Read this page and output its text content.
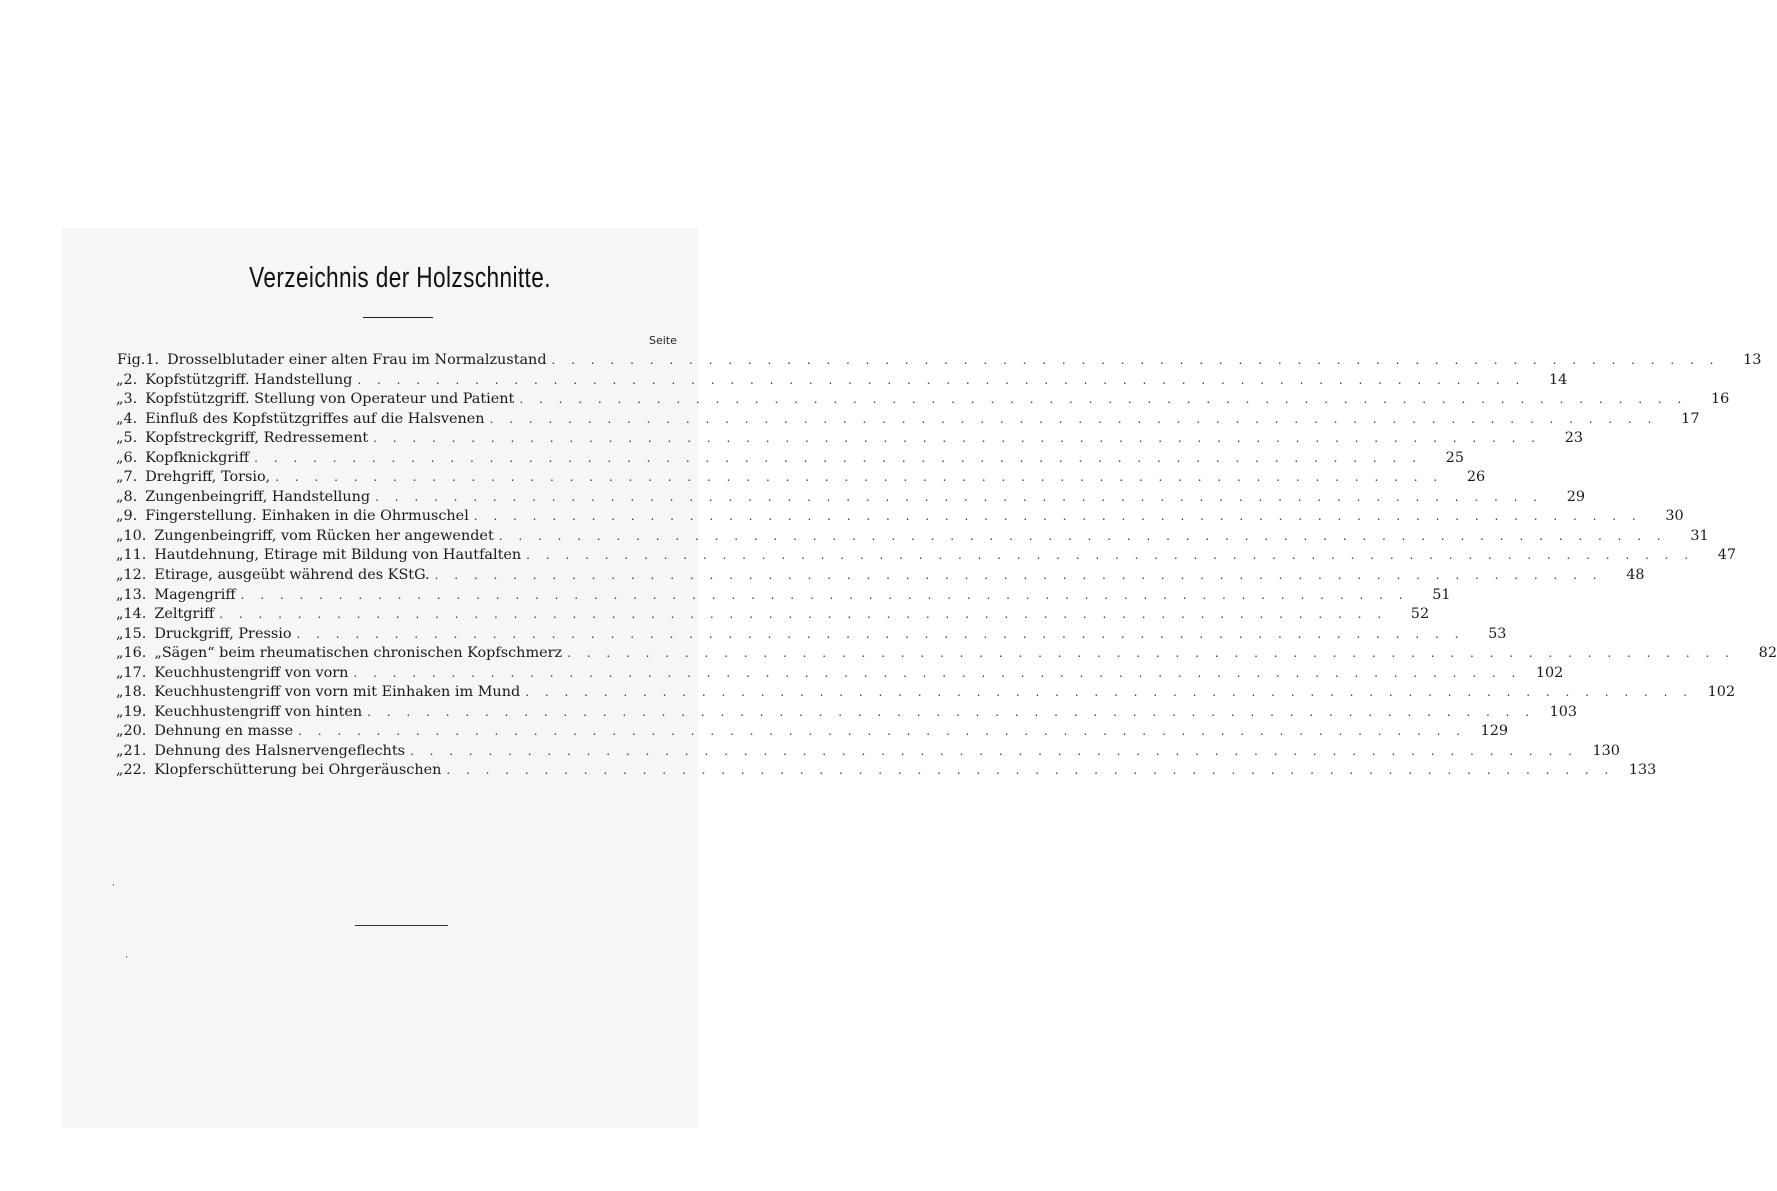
Verzeichnis der Holzschnitte.
Seite
Fig. 1. Drosselblutader einer alten Frau im Normalzustand . . . . . . . . . . . . . . . . . . . . . . . . . . . . . . . . . . . . . . . . . . . . . . . . . . . . . . . . . . . .	13
„ 2. Kopfstützgriff. Handstellung . . . . . . . . . . . . . . . . . . . . . . . . . . . . . . . . . . . . . . . . . . . . . . . . . . . . . . . . . . . .	14
„ 3. Kopfstützgriff. Stellung von Operateur und Patient . . . . . . . . . . . . . . . . . . . . . . . . . . . . . . . . . . . . . . . . . . . . . . . . . . . . . . . . . . . .	16
„ 4. Einfluß des Kopfstützgriffes auf die Halsvenen . . . . . . . . . . . . . . . . . . . . . . . . . . . . . . . . . . . . . . . . . . . . . . . . . . . . . . . . . . . .	17
„ 5. Kopfstreckgriff, Redressement . . . . . . . . . . . . . . . . . . . . . . . . . . . . . . . . . . . . . . . . . . . . . . . . . . . . . . . . . . . .	23
„ 6. Kopfknickgriff . . . . . . . . . . . . . . . . . . . . . . . . . . . . . . . . . . . . . . . . . . . . . . . . . . . . . . . . . . . .	25
„ 7. Drehgriff, Torsio, . . . . . . . . . . . . . . . . . . . . . . . . . . . . . . . . . . . . . . . . . . . . . . . . . . . . . . . . . . . .	26
„ 8. Zungenbeingriff, Handstellung . . . . . . . . . . . . . . . . . . . . . . . . . . . . . . . . . . . . . . . . . . . . . . . . . . . . . . . . . . . .	29
„ 9. Fingerstellung. Einhaken in die Ohrmuschel . . . . . . . . . . . . . . . . . . . . . . . . . . . . . . . . . . . . . . . . . . . . . . . . . . . . . . . . . . . .	30
„ 10. Zungenbeingriff, vom Rücken her angewendet . . . . . . . . . . . . . . . . . . . . . . . . . . . . . . . . . . . . . . . . . . . . . . . . . . . . . . . . . . . .	31
„ 11. Hautdehnung, Etirage mit Bildung von Hautfalten . . . . . . . . . . . . . . . . . . . . . . . . . . . . . . . . . . . . . . . . . . . . . . . . . . . . . . . . . . . .	47
„ 12. Etirage, ausgeübt während des KStG. . . . . . . . . . . . . . . . . . . . . . . . . . . . . . . . . . . . . . . . . . . . . . . . . . . . . . . . . . . . .	48
„ 13. Magengriff . . . . . . . . . . . . . . . . . . . . . . . . . . . . . . . . . . . . . . . . . . . . . . . . . . . . . . . . . . . .	51
„ 14. Zeltgriff . . . . . . . . . . . . . . . . . . . . . . . . . . . . . . . . . . . . . . . . . . . . . . . . . . . . . . . . . . . .	52
„ 15. Druckgriff, Pressio . . . . . . . . . . . . . . . . . . . . . . . . . . . . . . . . . . . . . . . . . . . . . . . . . . . . . . . . . . . .	53
„ 16. „Sägen“ beim rheumatischen chronischen Kopfschmerz . . . . . . . . . . . . . . . . . . . . . . . . . . . . . . . . . . . . . . . . . . . . . . . . . . . . . . . . . . . .	82
„ 17. Keuchhustengriff von vorn . . . . . . . . . . . . . . . . . . . . . . . . . . . . . . . . . . . . . . . . . . . . . . . . . . . . . . . . . . . .	102
„ 18. Keuchhustengriff von vorn mit Einhaken im Mund . . . . . . . . . . . . . . . . . . . . . . . . . . . . . . . . . . . . . . . . . . . . . . . . . . . . . . . . . . . .	102
„ 19. Keuchhustengriff von hinten . . . . . . . . . . . . . . . . . . . . . . . . . . . . . . . . . . . . . . . . . . . . . . . . . . . . . . . . . . . .	103
„ 20. Dehnung en masse . . . . . . . . . . . . . . . . . . . . . . . . . . . . . . . . . . . . . . . . . . . . . . . . . . . . . . . . . . . .	129
„ 21. Dehnung des Halsnervengeflechts . . . . . . . . . . . . . . . . . . . . . . . . . . . . . . . . . . . . . . . . . . . . . . . . . . . . . . . . . . . .	130
„ 22. Klopferschütterung bei Ohrgeräuschen . . . . . . . . . . . . . . . . . . . . . . . . . . . . . . . . . . . . . . . . . . . . . . . . . . . . . . . . . . . .	133
